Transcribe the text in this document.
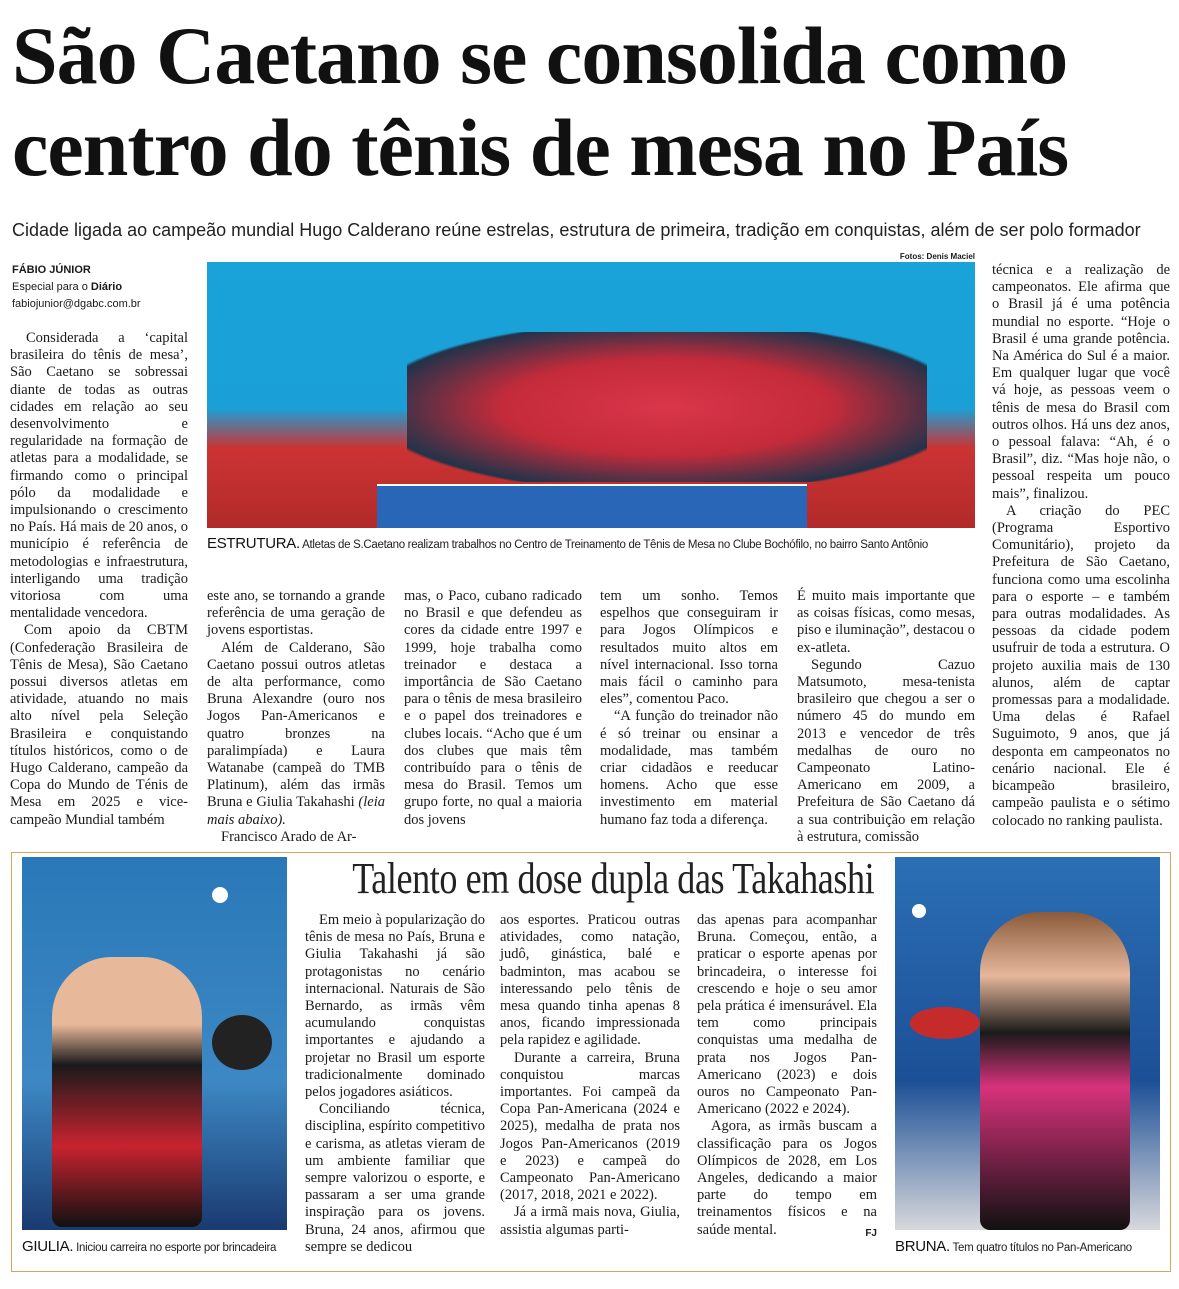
São Caetano se consolida como centro do tênis de mesa no País
Cidade ligada ao campeão mundial Hugo Calderano reúne estrelas, estrutura de primeira, tradição em conquistas, além de ser polo formador
FÁBIO JÚNIOR
Especial para o Diário
fabiojunior@dgabc.com.br

Considerada a ‘capital brasileira do tênis de mesa’, São Caetano se sobressai diante de todas as outras cidades em relação ao seu desenvolvimento e regularidade na formação de atletas para a modalidade, se firmando como o principal pólo da modalidade e impulsionando o crescimento no País. Há mais de 20 anos, o município é referência de metodologias e infraestrutura, interligando uma tradição vitoriosa com uma mentalidade vencedora.

Com apoio da CBTM (Confederação Brasileira de Tênis de Mesa), São Caetano possui diversos atletas em atividade, atuando no mais alto nível pela Seleção Brasileira e conquistando títulos históricos, como o de Hugo Calderano, campeão da Copa do Mundo de Ténis de Mesa em 2025 e vice-campeão Mundial também

Fotos: Denis Maciel
ESTRUTURA. Atletas de S.Caetano realizam trabalhos no Centro de Treinamento de Tênis de Mesa no Clube Bochófilo, no bairro Santo Antônio

este ano, se tornando a grande referência de uma geração de jovens esportistas.

Além de Calderano, São Caetano possui outros atletas de alta performance, como Bruna Alexandre (ouro nos Jogos Pan-Americanos e quatro bronzes na paralimpíada) e Laura Watanabe (campeã do TMB Platinum), além das irmãs Bruna e Giulia Takahashi (leia mais abaixo).

Francisco Arado de Ar-

mas, o Paco, cubano radicado no Brasil e que defendeu as cores da cidade entre 1997 e 1999, hoje trabalha como treinador e destaca a importância de São Caetano para o tênis de mesa brasileiro e o papel dos treinadores e clubes locais. “Acho que é um dos clubes que mais têm contribuído para o tênis de mesa do Brasil. Temos um grupo forte, no qual a maioria dos jovens

tem um sonho. Temos espelhos que conseguiram ir para Jogos Olímpicos e resultados muito altos em nível internacional. Isso torna mais fácil o caminho para eles”, comentou Paco.

“A função do treinador não é só treinar ou ensinar a modalidade, mas também criar cidadãos e reeducar homens. Acho que esse investimento em material humano faz toda a diferença.

É muito mais importante que as coisas físicas, como mesas, piso e iluminação”, destacou o ex-atleta.

Segundo Cazuo Matsumoto, mesa-tenista brasileiro que chegou a ser o número 45 do mundo em 2013 e vencedor de três medalhas de ouro no Campeonato Latino-Americano em 2009, a Prefeitura de São Caetano dá a sua contribuição em relação à estrutura, comissão

técnica e a realização de campeonatos. Ele afirma que o Brasil já é uma potência mundial no esporte. “Hoje o Brasil é uma grande potência. Na América do Sul é a maior. Em qualquer lugar que você vá hoje, as pessoas veem o tênis de mesa do Brasil com outros olhos. Há uns dez anos, o pessoal falava: “Ah, é o Brasil”, diz. “Mas hoje não, o pessoal respeita um pouco mais”, finalizou.

A criação do PEC (Programa Esportivo Comunitário), projeto da Prefeitura de São Caetano, funciona como uma escolinha para o esporte – e também para outras modalidades. As pessoas da cidade podem usufruir de toda a estrutura. O projeto auxilia mais de 130 alunos, além de captar promessas para a modalidade. Uma delas é Rafael Suguimoto, 9 anos, que já desponta em campeonatos no cenário nacional. Ele é bicampeão brasileiro, campeão paulista e o sétimo colocado no ranking paulista.

Talento em dose dupla das Takahashi
GIULIA. Iniciou carreira no esporte por brincadeira	BRUNA. Tem quatro títulos no Pan-Americano

Em meio à popularização do tênis de mesa no País, Bruna e Giulia Takahashi já são protagonistas no cenário internacional. Naturais de São Bernardo, as irmãs vêm acumulando conquistas importantes e ajudando a projetar no Brasil um esporte tradicionalmente dominado pelos jogadores asiáticos.

Conciliando técnica, disciplina, espírito competitivo e carisma, as atletas vieram de um ambiente familiar que sempre valorizou o esporte, e passaram a ser uma grande inspiração para os jovens. Bruna, 24 anos, afirmou que sempre se dedicou

aos esportes. Praticou outras atividades, como natação, judô, ginástica, balé e badminton, mas acabou se interessando pelo tênis de mesa quando tinha apenas 8 anos, ficando impressionada pela rapidez e agilidade.

Durante a carreira, Bruna conquistou marcas importantes. Foi campeã da Copa Pan-Americana (2024 e 2025), medalha de prata nos Jogos Pan-Americanos (2019 e 2023) e campeã do Campeonato Pan-Americano (2017, 2018, 2021 e 2022).

Já a irmã mais nova, Giulia, assistia algumas parti-

das apenas para acompanhar Bruna. Começou, então, a praticar o esporte apenas por brincadeira, o interesse foi crescendo e hoje o seu amor pela prática é imensurável. Ela tem como principais conquistas uma medalha de prata nos Jogos Pan-Americano (2023) e dois ouros no Campeonato Pan-Americano (2022 e 2024).

Agora, as irmãs buscam a classificação para os Jogos Olímpicos de 2028, em Los Angeles, dedicando a maior parte do tempo em treinamentos físicos e na saúde mental.	FJ
